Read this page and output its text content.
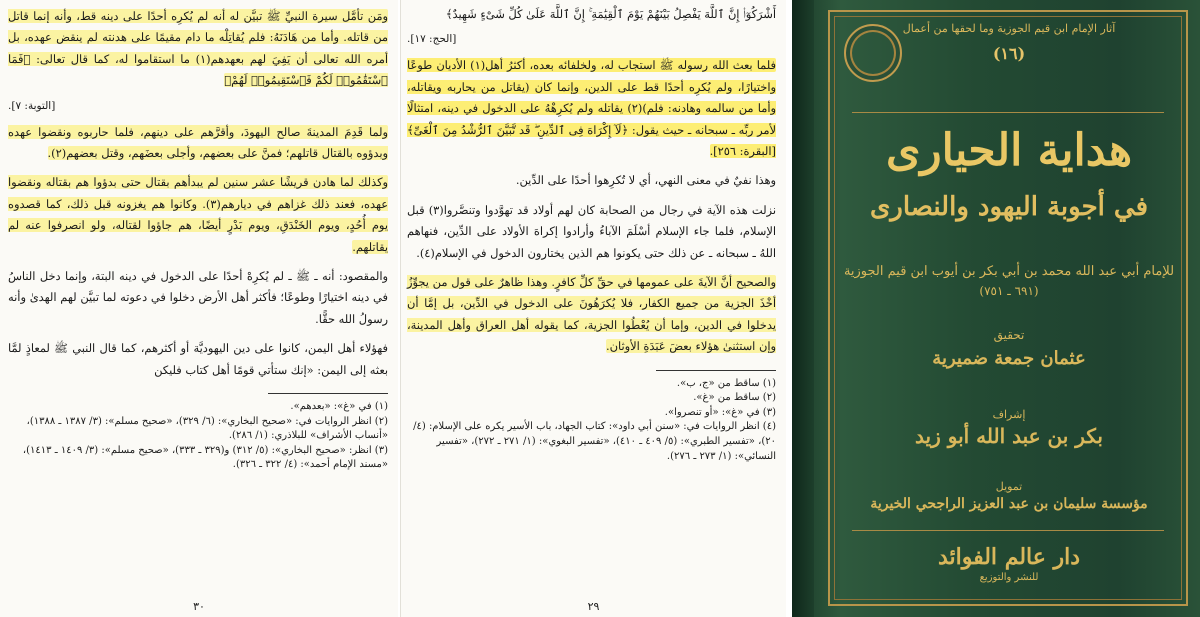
ومَن تأمَّل سيرة النبيِّ ﷺ تبيَّن له أنه لم يُكرِه أحدًا على دينه قط، وأنه إنما قاتل من قاتله. وأما من هَادَنَهُ: فلم يُقاتِلْه ما دام مقيمًا على هدنته لم ينقض عهده، بل أمره الله تعالى أن يَفِيَ لهم بعهدهم(١) ما استقاموا له، كما قال تعالى: ﴿فَمَا ٱسْتَقَٰمُوا۟ لَكُمْ فَٱسْتَقِيمُوا۟ لَهُمْ﴾

[التوبة: ٧].

ولما قَدِمَ المدينةَ صالح اليهودَ، وأقرَّهم على دينهم، فلما حاربوه ونقضوا عهده وبدؤوه بالقتال قاتلهم؛ فمنَّ على بعضهم، وأجلى بعضَهم، وقتل بعضهم(٢).

وكذلك لما هادن قريشًا عشر سنين لم يبدأهم بقتال حتى بدؤوا هم بقتاله ونقضوا عهده، فعند ذلك غزاهم في ديارهم(٣). وكانوا هم يغزونه قبل ذلك، كما قصدوه يوم أُحُدٍ، ويوم الخَنْدَقِ، ويوم بَدْرٍ أيضًا، هم جاؤوا لقتاله، ولو انصرفوا عنه لم يقاتلهم.

والمقصود: أنه ـ ﷺ ـ لم يُكرِهْ أحدًا على الدخول في دينه البتة، وإنما دخل الناسُ في دينه اختيارًا وطوعًا؛ فأكثر أهل الأرض دخلوا في دعوته لما تبيَّن لهم الهدىٰ وأنه رسولُ الله حقًّا.

فهؤلاء أهل اليمن، كانوا على دين اليهوديَّة أو أكثرهم، كما قال النبي ﷺ لمعاذٍ لمَّا بعثه إلى اليمن: «إنك ستأتي قومًا أهل كتاب فليكن

(١) في «غ»: «بعدهم».

(٢) انظر الروايات في: «صحيح البخاري»: (٦/ ٣٢٩)، «صحيح مسلم»: (٣/ ١٣٨٧ ـ ١٣٨٨)، «أنساب الأشراف» للبلاذري: (١/ ٢٨٦).

(٣) انظر: «صحيح البخاري»: (٥/ ٣١٢) و(٣٢٩ ـ ٣٣٣)، «صحيح مسلم»: (٣/ ١٤٠٩ ـ ١٤١٣)، «مسند الإمام أحمد»: (٤/ ٣٢٢ ـ ٣٢٦).

٣٠

أَشْرَكُوٓا۟ إِنَّ ٱللَّهَ يَفْصِلُ بَيْنَهُمْ يَوْمَ ٱلْقِيَٰمَةِ ۚ إِنَّ ٱللَّهَ عَلَىٰ كُلِّ شَىْءٍ شَهِيدٌ﴾

[الحج: ١٧].

فلما بعث الله رسوله ﷺ استجاب له، ولخلفائه بعده، أكثرُ أهل(١) الأديان طوعًا واختيارًا، ولم يُكرِه أحدًا قط على الدين، وإنما كان (يقاتل من يحاربه ويقاتله، وأما من سالمه وهادنه: فلم)(٢) يقاتله ولم يُكرِهْهُ على الدخول في دينه، امتثالًا لأمر ربِّه ـ سبحانه ـ حيث يقول: ﴿لَآ إِكْرَاهَ فِى ٱلدِّينِ ۖ قَد تَّبَيَّنَ ٱلرُّشْدُ مِنَ ٱلْغَىِّ﴾ [البقرة: ٢٥٦].

وهذا نفيٌ في معنى النهي، أي لا تُكرِهوا أحدًا على الدِّين.

نزلت هذه الآية في رجال من الصحابة كان لهم أولاد قد تهوَّدوا وتنصَّروا(٣) قبل الإسلام، فلما جاء الإسلام أسْلَمَ الآباءُ وأرادوا إكراهَ الأولاد على الدِّين، فنهاهم اللهُ ـ سبحانه ـ عن ذلك حتى يكونوا هم الذين يختارون الدخول في الإسلام(٤).

والصحيح أنَّ الآيةَ على عمومها في حقِّ كلِّ كافرٍ. وهذا ظاهرٌ على قول من يجوِّزُ أخْذَ الجزية من جميع الكفار، فلا يُكرَهُونَ على الدخول في الدِّين، بل إمَّا أن يدخلوا في الدين، وإما أن يُعْطُوا الجزية، كما يقوله أهل العراق وأهل المدينة، وإن استثنىٰ هؤلاء بعضَ عَبَدَةِ الأوثان.

(١) ساقط من «ج، ب».

(٢) ساقط من «غ».

(٣) في «غ»: «أو تنصروا».

(٤) انظر الروايات في: «سنن أبي داود»: كتاب الجهاد، باب الأسير يكره على الإسلام: (٤/ ٢٠)، «تفسير الطبري»: (٥/ ٤٠٩ ـ ٤١٠)، «تفسير البغوي»: (١/ ٢٧١ ـ ٢٧٢)، «تفسير النسائي»: (١/ ٢٧٣ ـ ٢٧٦).

٢٩
آثار الإمام ابن قيم الجوزية وما لحقها من أعمال
(١٦)
هداية الحيارى
في أجوبة اليهود والنصارى
للإمام أبي عبد الله محمد بن أبي بكر بن أيوب ابن قيم الجوزية
(٦٩١ ـ ٧٥١)
تحقيق
عثمان جمعة ضميرية
إشراف
بكر بن عبد الله أبو زيد
تمويل
مؤسسة سليمان بن عبد العزيز الراجحي الخيرية
دار عالم الفوائد
للنشر والتوزيع
